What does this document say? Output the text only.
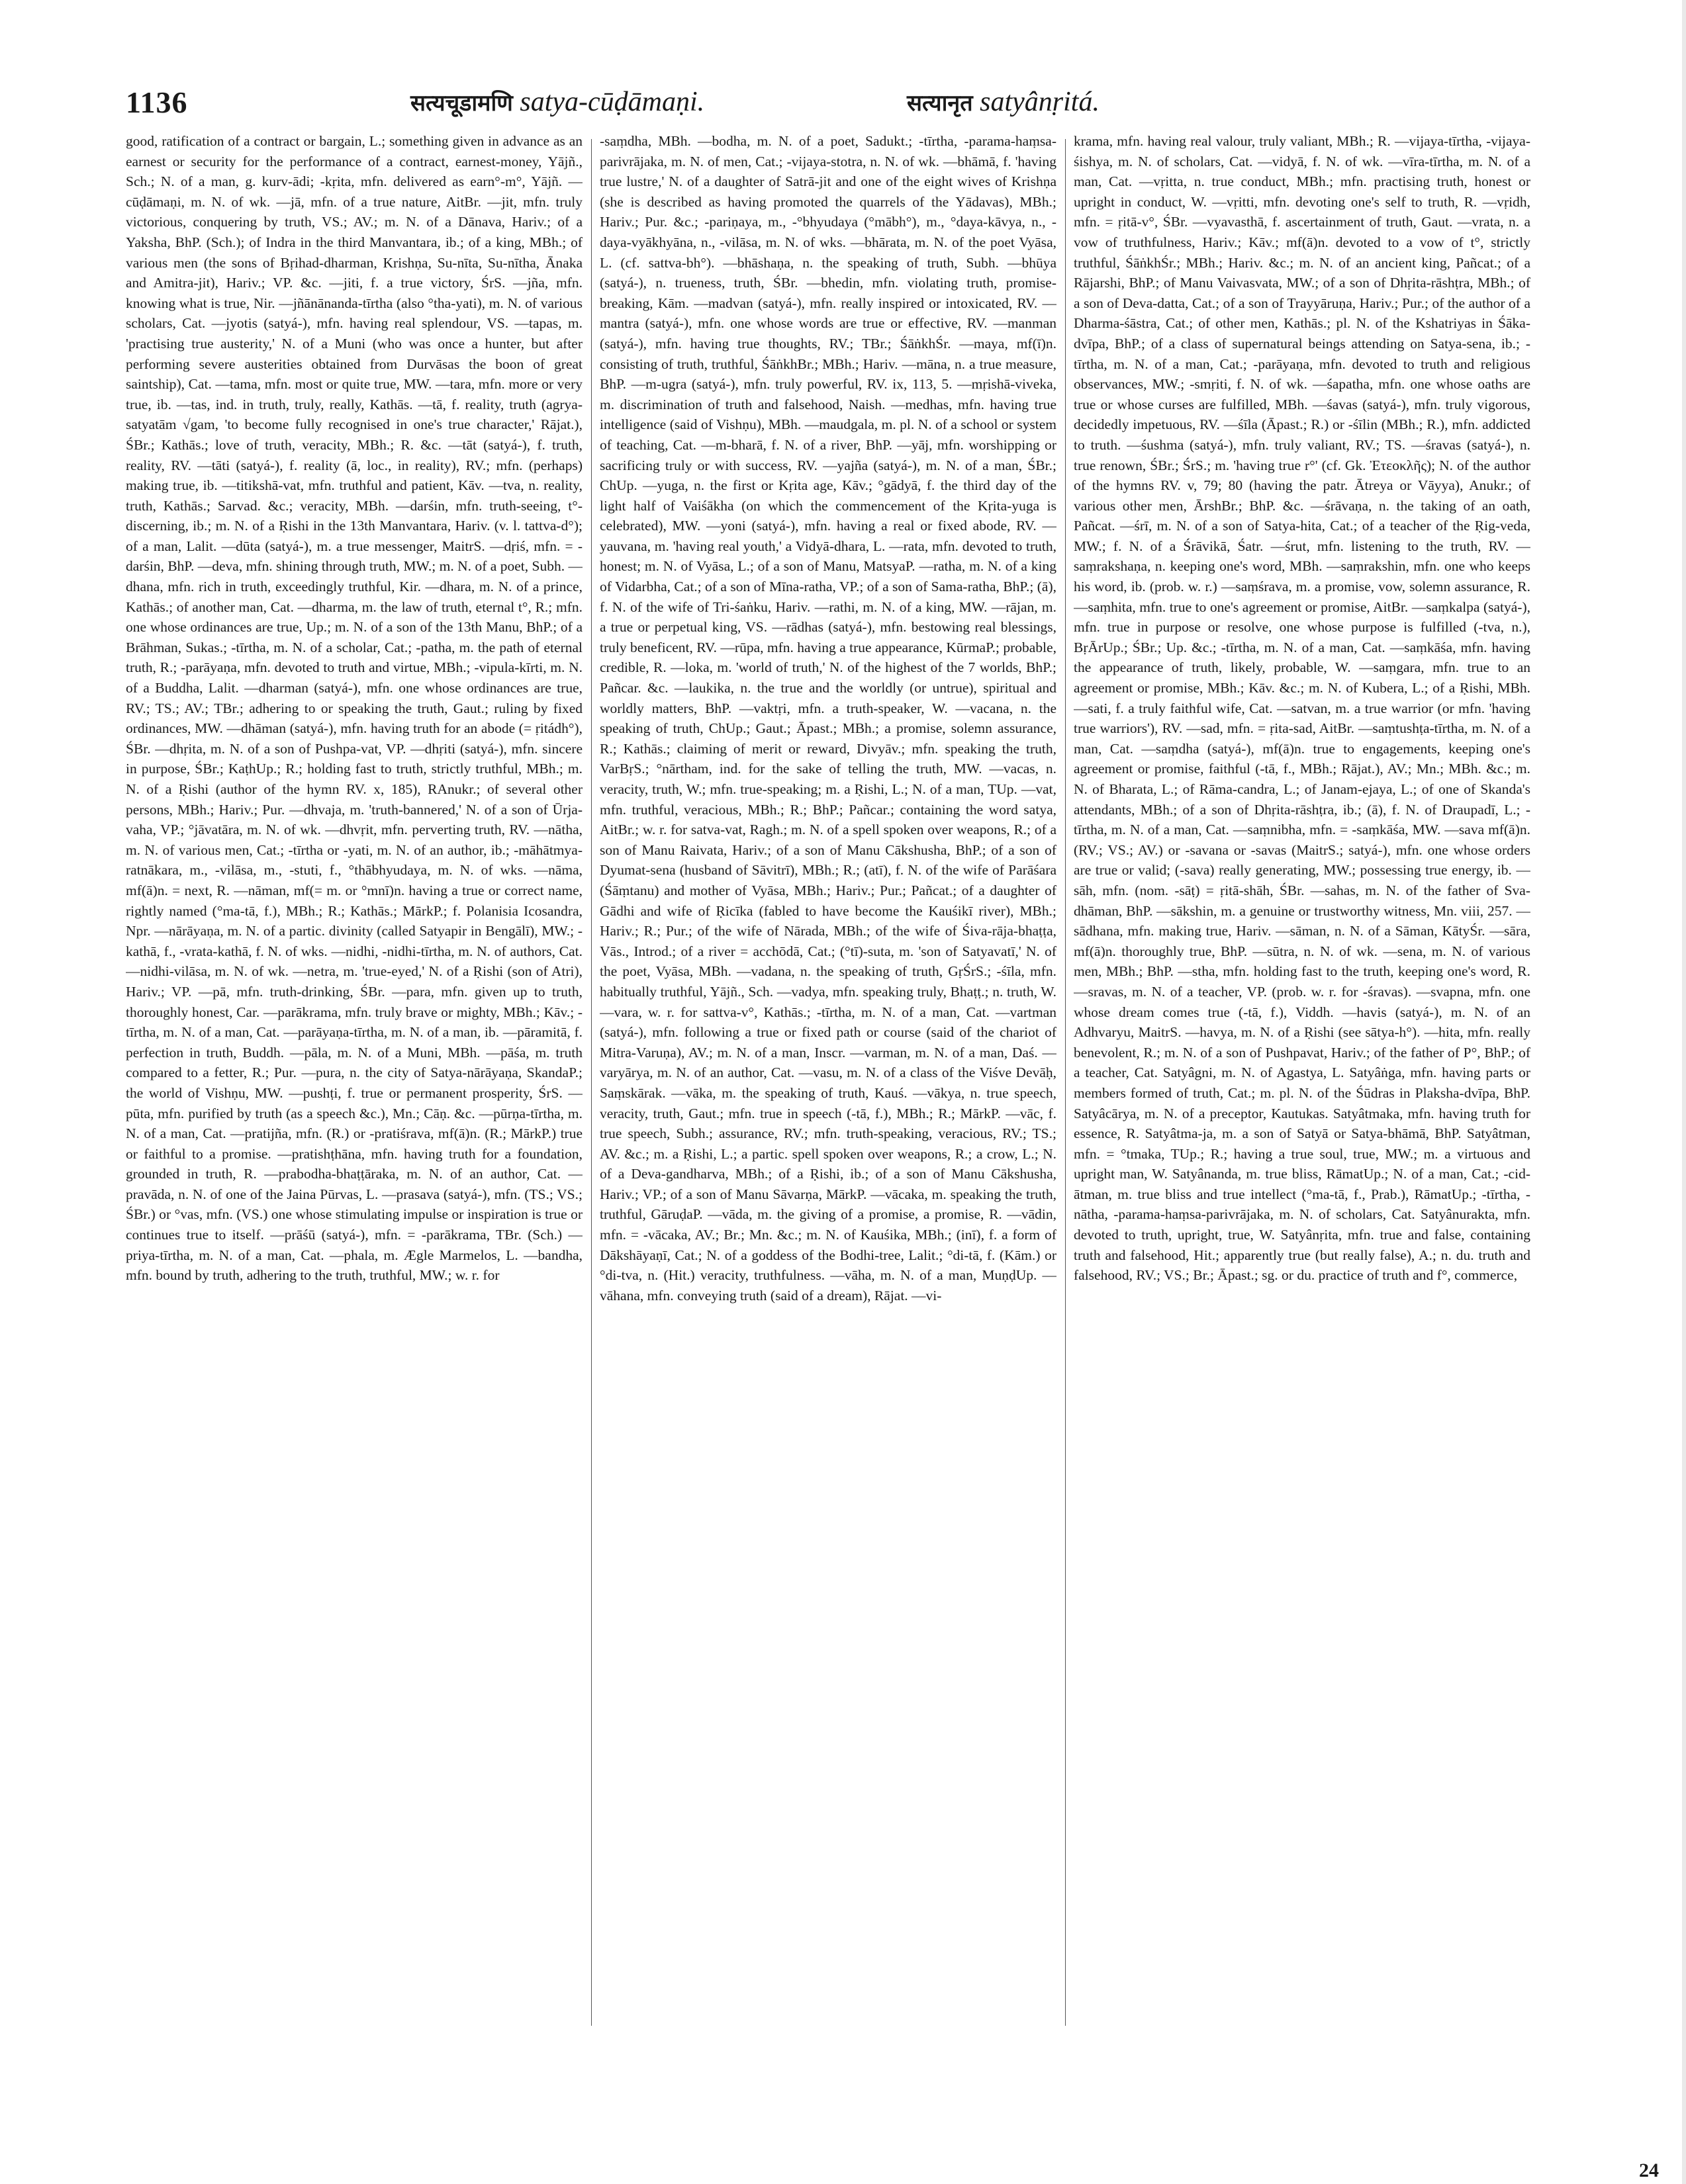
1136	सत्यचूडामणि satya-cūḍāmaṇi.	सत्यानृत satyânṛitá.
good, ratification of a contract or bargain, L.; something given in advance as an earnest or security for the performance of a contract, earnest-money, Yājñ., Sch.; N. of a man, g. kurv-ādi; -kṛita, mfn. delivered as earn°-m°, Yājñ. —cūḍāmaṇi, m. N. of wk. —jā, mfn. of a true nature, AitBr. —jit, mfn. truly victorious, conquering by truth, VS.; AV.; m. N. of a Dānava, Hariv.; of a Yaksha, BhP. (Sch.); of Indra in the third Manvantara, ib.; of a king, MBh.; of various men (the sons of Bṛihad-dharman, Krishṇa, Su-nīta, Su-nītha, Ānaka and Amitra-jit), Hariv.; VP. &c. —jiti, f. a true victory, ŚrS. —jña, mfn. knowing what is true, Nir. —jñānānanda-tīrtha (also °tha-yati), m. N. of various scholars, Cat. —jyotis (satyá-), mfn. having real splendour, VS. —tapas, m. 'practising true austerity,' N. of a Muni (who was once a hunter, but after performing severe austerities obtained from Durvāsas the boon of great saintship), Cat. —tama, mfn. most or quite true, MW. —tara, mfn. more or very true, ib. —tas, ind. in truth, truly, really, Kathās. —tā, f. reality, truth (agrya-satyatām √gam, 'to become fully recognised in one's true character,' Rājat.), ŚBr.; Kathās.; love of truth, veracity, MBh.; R. &c. —tāt (satyá-), f. truth, reality, RV. —tāti (satyá-), f. reality (ā, loc., in reality), RV.; mfn. (perhaps) making true, ib. —titikshā-vat, mfn. truthful and patient, Kāv. —tva, n. reality, truth, Kathās.; Sarvad. &c.; veracity, MBh. —darśin, mfn. truth-seeing, t°-discerning, ib.; m. N. of a Ṛishi in the 13th Manvantara, Hariv. (v. l. tattva-d°); of a man, Lalit. —dūta (satyá-), m. a true messenger, MaitrS. —dṛiś, mfn. = -darśin, BhP. —deva, mfn. shining through truth, MW.; m. N. of a poet, Subh. —dhana, mfn. rich in truth, exceedingly truthful, Kir. —dhara, m. N. of a prince, Kathās.; of another man, Cat. —dharma, m. the law of truth, eternal t°, R.; mfn. one whose ordinances are true, Up.; m. N. of a son of the 13th Manu, BhP.; of a Brāhman, Sukas.; -tīrtha, m. N. of a scholar, Cat.; -patha, m. the path of eternal truth, R.; -parāyaṇa, mfn. devoted to truth and virtue, MBh.; -vipula-kīrti, m. N. of a Buddha, Lalit. —dharman (satyá-), mfn. one whose ordinances are true, RV.; TS.; AV.; TBr.; adhering to or speaking the truth, Gaut.; ruling by fixed ordinances, MW. —dhāman (satyá-), mfn. having truth for an abode (= ṛitádh°), ŚBr. —dhṛita, m. N. of a son of Pushpa-vat, VP. —dhṛiti (satyá-), mfn. sincere in purpose, ŚBr.; KaṭhUp.; R.; holding fast to truth, strictly truthful, MBh.; m. N. of a Ṛishi (author of the hymn RV. x, 185), RAnukr.; of several other persons, MBh.; Hariv.; Pur. —dhvaja, m. 'truth-bannered,' N. of a son of Ūrja-vaha, VP.; °jāvatāra, m. N. of wk. —dhvṛit, mfn. perverting truth, RV. —nātha, m. N. of various men, Cat.; -tīrtha or -yati, m. N. of an author, ib.; -māhātmya-ratnākara, m., -vilāsa, m., -stuti, f., °thābhyudaya, m. N. of wks. —nāma, mf(ā)n. = next, R. —nāman, mf(= m. or °mnī)n. having a true or correct name, rightly named (°ma-tā, f.), MBh.; R.; Kathās.; MārkP.; f. Polanisia Icosandra, Npr. —nārāyaṇa, m. N. of a partic. divinity (called Satyapir in Bengālī), MW.; -kathā, f., -vrata-kathā, f. N. of wks. —nidhi, -nidhi-tīrtha, m. N. of authors, Cat. —nidhi-vilāsa, m. N. of wk. —netra, m. 'true-eyed,' N. of a Ṛishi (son of Atri), Hariv.; VP. —pā, mfn. truth-drinking, ŚBr. —para, mfn. given up to truth, thoroughly honest, Car. —parākrama, mfn. truly brave or mighty, MBh.; Kāv.; -tīrtha, m. N. of a man, Cat. —parāyaṇa-tīrtha, m. N. of a man, ib. —pāramitā, f. perfection in truth, Buddh. —pāla, m. N. of a Muni, MBh. —pāśa, m. truth compared to a fetter, R.; Pur. —pura, n. the city of Satya-nārāyaṇa, SkandaP.; the world of Vishṇu, MW. —pushṭi, f. true or permanent prosperity, ŚrS. —pūta, mfn. purified by truth (as a speech &c.), Mn.; Cāṇ. &c. —pūrṇa-tīrtha, m. N. of a man, Cat. —pratijña, mfn. (R.) or -pratiśrava, mf(ā)n. (R.; MārkP.) true or faithful to a promise. —pratishṭhāna, mfn. having truth for a foundation, grounded in truth, R. —prabodha-bhaṭṭāraka, m. N. of an author, Cat. —pravāda, n. N. of one of the Jaina Pūrvas, L. —prasava (satyá-), mfn. (TS.; VS.; ŚBr.) or °vas, mfn. (VS.) one whose stimulating impulse or inspiration is true or continues true to itself. —prāśū (satyá-), mfn. = -parākrama, TBr. (Sch.) —priya-tīrtha, m. N. of a man, Cat. —phala, m. Ægle Marmelos, L. —bandha, mfn. bound by truth, adhering to the truth, truthful, MW.; w. r. for
-saṃdha, MBh. —bodha, m. N. of a poet, Sadukt.; -tīrtha, -parama-haṃsa-parivrājaka, m. N. of men, Cat.; -vijaya-stotra, n. N. of wk. —bhāmā, f. 'having true lustre,' N. of a daughter of Satrā-jit and one of the eight wives of Krishṇa (she is described as having promoted the quarrels of the Yādavas), MBh.; Hariv.; Pur. &c.; -pariṇaya, m., -°bhyudaya (°mābh°), m., °daya-kāvya, n., -daya-vyākhyāna, n., -vilāsa, m. N. of wks. —bhārata, m. N. of the poet Vyāsa, L. (cf. sattva-bh°). —bhāshaṇa, n. the speaking of truth, Subh. —bhūya (satyá-), n. trueness, truth, ŚBr. —bhedin, mfn. violating truth, promise-breaking, Kām. —madvan (satyá-), mfn. really inspired or intoxicated, RV. —mantra (satyá-), mfn. one whose words are true or effective, RV. —manman (satyá-), mfn. having true thoughts, RV.; TBr.; ŚāṅkhŚr. —maya, mf(ī)n. consisting of truth, truthful, ŚāṅkhBr.; MBh.; Hariv. —māna, n. a true measure, BhP. —m-ugra (satyá-), mfn. truly powerful, RV. ix, 113, 5. —mṛishā-viveka, m. discrimination of truth and falsehood, Naish. —medhas, mfn. having true intelligence (said of Vishṇu), MBh. —maudgala, m. pl. N. of a school or system of teaching, Cat. —m-bharā, f. N. of a river, BhP. —yāj, mfn. worshipping or sacrificing truly or with success, RV. —yajña (satyá-), m. N. of a man, ŚBr.; ChUp. —yuga, n. the first or Kṛita age, Kāv.; °gādyā, f. the third day of the light half of Vaiśākha (on which the commencement of the Kṛita-yuga is celebrated), MW. —yoni (satyá-), mfn. having a real or fixed abode, RV. —yauvana, m. 'having real youth,' a Vidyā-dhara, L. —rata, mfn. devoted to truth, honest; m. N. of Vyāsa, L.; of a son of Manu, MatsyaP. —ratha, m. N. of a king of Vidarbha, Cat.; of a son of Mīna-ratha, VP.; of a son of Sama-ratha, BhP.; (ā), f. N. of the wife of Tri-śaṅku, Hariv. —rathi, m. N. of a king, MW. —rājan, m. a true or perpetual king, VS. —rādhas (satyá-), mfn. bestowing real blessings, truly beneficent, RV. —rūpa, mfn. having a true appearance, KūrmaP.; probable, credible, R. —loka, m. 'world of truth,' N. of the highest of the 7 worlds, BhP.; Pañcar. &c. —laukika, n. the true and the worldly (or untrue), spiritual and worldly matters, BhP. —vaktṛi, mfn. a truth-speaker, W. —vacana, n. the speaking of truth, ChUp.; Gaut.; Āpast.; MBh.; a promise, solemn assurance, R.; Kathās.; claiming of merit or reward, Divyāv.; mfn. speaking the truth, VarBṛS.; °nārtham, ind. for the sake of telling the truth, MW. —vacas, n. veracity, truth, W.; mfn. true-speaking; m. a Ṛishi, L.; N. of a man, TUp. —vat, mfn. truthful, veracious, MBh.; R.; BhP.; Pañcar.; containing the word satya, AitBr.; w. r. for satva-vat, Ragh.; m. N. of a spell spoken over weapons, R.; of a son of Manu Raivata, Hariv.; of a son of Manu Cākshusha, BhP.; of a son of Dyumat-sena (husband of Sāvitrī), MBh.; R.; (atī), f. N. of the wife of Parāśara (Śāṃtanu) and mother of Vyāsa, MBh.; Hariv.; Pur.; Pañcat.; of a daughter of Gādhi and wife of Ṛicīka (fabled to have become the Kauśikī river), MBh.; Hariv.; R.; Pur.; of the wife of Nārada, MBh.; of the wife of Śiva-rāja-bhaṭṭa, Vās., Introd.; of a river = acchōdā, Cat.; (°tī)-suta, m. 'son of Satyavatī,' N. of the poet, Vyāsa, MBh. —vadana, n. the speaking of truth, GṛŚrS.; -śīla, mfn. habitually truthful, Yājñ., Sch. —vadya, mfn. speaking truly, Bhaṭṭ.; n. truth, W. —vara, w. r. for sattva-v°, Kathās.; -tīrtha, m. N. of a man, Cat. —vartman (satyá-), mfn. following a true or fixed path or course (said of the chariot of Mitra-Varuṇa), AV.; m. N. of a man, Inscr. —varman, m. N. of a man, Daś. —varyārya, m. N. of an author, Cat. —vasu, m. N. of a class of the Viśve Devāḥ, Saṃskārak. —vāka, m. the speaking of truth, Kauś. —vākya, n. true speech, veracity, truth, Gaut.; mfn. true in speech (-tā, f.), MBh.; R.; MārkP. —vāc, f. true speech, Subh.; assurance, RV.; mfn. truth-speaking, veracious, RV.; TS.; AV. &c.; m. a Ṛishi, L.; a partic. spell spoken over weapons, R.; a crow, L.; N. of a Deva-gandharva, MBh.; of a Ṛishi, ib.; of a son of Manu Cākshusha, Hariv.; VP.; of a son of Manu Sāvarṇa, MārkP. —vācaka, m. speaking the truth, truthful, GāruḍaP. —vāda, m. the giving of a promise, a promise, R. —vādin, mfn. = -vācaka, AV.; Br.; Mn. &c.; m. N. of Kauśika, MBh.; (inī), f. a form of Dākshāyaṇī, Cat.; N. of a goddess of the Bodhi-tree, Lalit.; °di-tā, f. (Kām.) or °di-tva, n. (Hit.) veracity, truthfulness. —vāha, m. N. of a man, MuṇḍUp. —vāhana, mfn. conveying truth (said of a dream), Rājat. —vi-
krama, mfn. having real valour, truly valiant, MBh.; R. —vijaya-tīrtha, -vijaya-śishya, m. N. of scholars, Cat. —vidyā, f. N. of wk. —vīra-tīrtha, m. N. of a man, Cat. —vṛitta, n. true conduct, MBh.; mfn. practising truth, honest or upright in conduct, W. —vṛitti, mfn. devoting one's self to truth, R. —vṛidh, mfn. = ṛitā-v°, ŚBr. —vyavasthā, f. ascertainment of truth, Gaut. —vrata, n. a vow of truthfulness, Hariv.; Kāv.; mf(ā)n. devoted to a vow of t°, strictly truthful, ŚāṅkhŚr.; MBh.; Hariv. &c.; m. N. of an ancient king, Pañcat.; of a Rājarshi, BhP.; of Manu Vaivasvata, MW.; of a son of Dhṛita-rāshṭra, MBh.; of a son of Deva-datta, Cat.; of a son of Trayyāruṇa, Hariv.; Pur.; of the author of a Dharma-śāstra, Cat.; of other men, Kathās.; pl. N. of the Kshatriyas in Śāka-dvīpa, BhP.; of a class of supernatural beings attending on Satya-sena, ib.; -tīrtha, m. N. of a man, Cat.; -parāyaṇa, mfn. devoted to truth and religious observances, MW.; -smṛiti, f. N. of wk. —śapatha, mfn. one whose oaths are true or whose curses are fulfilled, MBh. —śavas (satyá-), mfn. truly vigorous, decidedly impetuous, RV. —śīla (Āpast.; R.) or -śīlin (MBh.; R.), mfn. addicted to truth. —śushma (satyá-), mfn. truly valiant, RV.; TS. —śravas (satyá-), n. true renown, ŚBr.; ŚrS.; m. 'having true r°' (cf. Gk. Ἐτεοκλῆς); N. of the author of the hymns RV. v, 79; 80 (having the patr. Ātreya or Vāyya), Anukr.; of various other men, ĀrshBr.; BhP. &c. —śrāvaṇa, n. the taking of an oath, Pañcat. —śrī, m. N. of a son of Satya-hita, Cat.; of a teacher of the Ṛig-veda, MW.; f. N. of a Śrāvikā, Śatr. —śrut, mfn. listening to the truth, RV. —saṃrakshaṇa, n. keeping one's word, MBh. —saṃrakshin, mfn. one who keeps his word, ib. (prob. w. r.) —saṃśrava, m. a promise, vow, solemn assurance, R. —saṃhita, mfn. true to one's agreement or promise, AitBr. —saṃkalpa (satyá-), mfn. true in purpose or resolve, one whose purpose is fulfilled (-tva, n.), BṛĀrUp.; ŚBr.; Up. &c.; -tīrtha, m. N. of a man, Cat. —saṃkāśa, mfn. having the appearance of truth, likely, probable, W. —saṃgara, mfn. true to an agreement or promise, MBh.; Kāv. &c.; m. N. of Kubera, L.; of a Ṛishi, MBh. —sati, f. a truly faithful wife, Cat. —satvan, m. a true warrior (or mfn. 'having true warriors'), RV. —sad, mfn. = ṛita-sad, AitBr. —saṃtushṭa-tīrtha, m. N. of a man, Cat. —saṃdha (satyá-), mf(ā)n. true to engagements, keeping one's agreement or promise, faithful (-tā, f., MBh.; Rājat.), AV.; Mn.; MBh. &c.; m. N. of Bharata, L.; of Rāma-candra, L.; of Janam-ejaya, L.; of one of Skanda's attendants, MBh.; of a son of Dhṛita-rāshṭra, ib.; (ā), f. N. of Draupadī, L.; -tīrtha, m. N. of a man, Cat. —saṃnibha, mfn. = -saṃkāśa, MW. —sava mf(ā)n. (RV.; VS.; AV.) or -savana or -savas (MaitrS.; satyá-), mfn. one whose orders are true or valid; (-sava) really generating, MW.; possessing true energy, ib. —sāh, mfn. (nom. -sāṭ) = ṛitā-shāh, ŚBr. —sahas, m. N. of the father of Sva-dhāman, BhP. —sākshin, m. a genuine or trustworthy witness, Mn. viii, 257. —sādhana, mfn. making true, Hariv. —sāman, n. N. of a Sāman, KātyŚr. —sāra, mf(ā)n. thoroughly true, BhP. —sūtra, n. N. of wk. —sena, m. N. of various men, MBh.; BhP. —stha, mfn. holding fast to the truth, keeping one's word, R. —sravas, m. N. of a teacher, VP. (prob. w. r. for -śravas). —svapna, mfn. one whose dream comes true (-tā, f.), Viddh. —havis (satyá-), m. N. of an Adhvaryu, MaitrS. —havya, m. N. of a Ṛishi (see sātya-h°). —hita, mfn. really benevolent, R.; m. N. of a son of Pushpavat, Hariv.; of the father of P°, BhP.; of a teacher, Cat. Satyâgni, m. N. of Agastya, L. Satyâṅga, mfn. having parts or members formed of truth, Cat.; m. pl. N. of the Śūdras in Plaksha-dvīpa, BhP. Satyâcārya, m. N. of a preceptor, Kautukas. Satyâtmaka, mfn. having truth for essence, R. Satyâtma-ja, m. a son of Satyā or Satya-bhāmā, BhP. Satyâtman, mfn. = °tmaka, TUp.; R.; having a true soul, true, MW.; m. a virtuous and upright man, W. Satyânanda, m. true bliss, RāmatUp.; N. of a man, Cat.; -cid-ātman, m. true bliss and true intellect (°ma-tā, f., Prab.), RāmatUp.; -tīrtha, -nātha, -parama-haṃsa-parivrājaka, m. N. of scholars, Cat. Satyânurakta, mfn. devoted to truth, upright, true, W. Satyânṛita, mfn. true and false, containing truth and falsehood, Hit.; apparently true (but really false), A.; n. du. truth and falsehood, RV.; VS.; Br.; Āpast.; sg. or du. practice of truth and f°, commerce,
24
